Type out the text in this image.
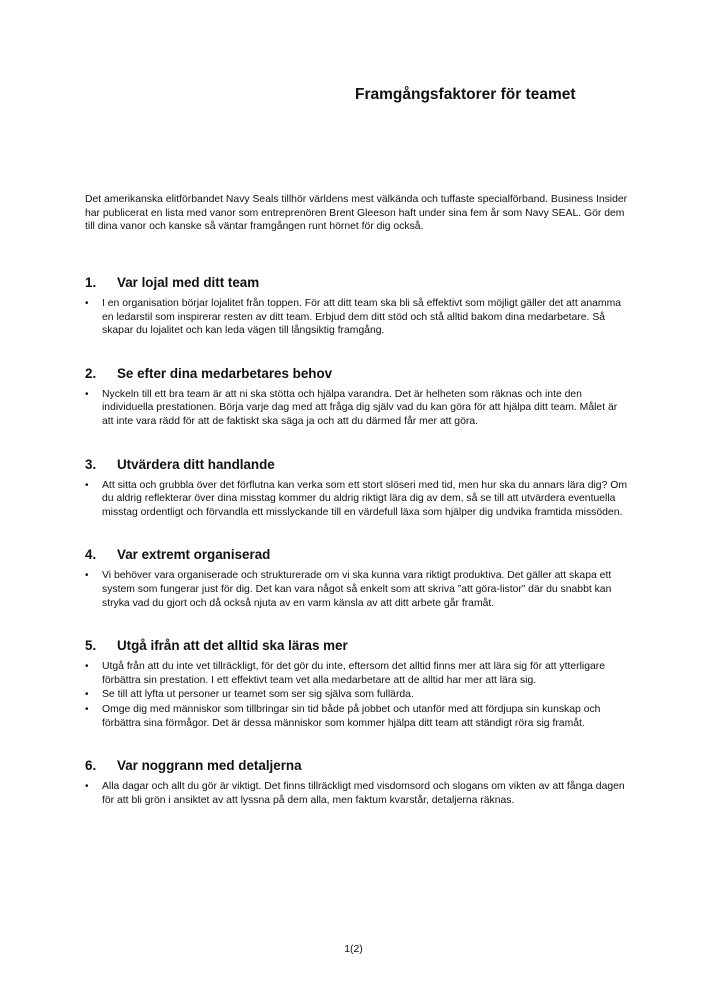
Framgångsfaktorer för teamet

Det amerikanska elitförbandet Navy Seals tillhör världens mest välkända och tuffaste specialförband. Business Insider har publicerat en lista med vanor som entreprenören Brent Gleeson haft under sina fem år som Navy SEAL. Gör dem till dina vanor och kanske så väntar framgången runt hörnet för dig också.

1.	Var lojal med ditt team
• I en organisation börjar lojalitet från toppen. För att ditt team ska bli så effektivt som möjligt gäller det att anamma en ledarstil som inspirerar resten av ditt team. Erbjud dem ditt stöd och stå alltid bakom dina medarbetare. Så skapar du lojalitet och kan leda vägen till långsiktig framgång.
2.	Se efter dina medarbetares behov
• Nyckeln till ett bra team är att ni ska stötta och hjälpa varandra. Det är helheten som räknas och inte den individuella prestationen. Börja varje dag med att fråga dig själv vad du kan göra för att hjälpa ditt team. Målet är att inte vara rädd för att de faktiskt ska säga ja och att du därmed får mer att göra.
3.	Utvärdera ditt handlande
• Att sitta och grubbla över det förflutna kan verka som ett stort slöseri med tid, men hur ska du annars lära dig? Om du aldrig reflekterar över dina misstag kommer du aldrig riktigt lära dig av dem, så se till att utvärdera eventuella misstag ordentligt och förvandla ett misslyckande till en värdefull läxa som hjälper dig undvika framtida missöden.
4.	Var extremt organiserad
• Vi behöver vara organiserade och strukturerade om vi ska kunna vara riktigt produktiva. Det gäller att skapa ett system som fungerar just för dig. Det kan vara något så enkelt som att skriva ”att göra-listor” där du snabbt kan stryka vad du gjort och då också njuta av en varm känsla av att ditt arbete går framåt.
5.	Utgå ifrån att det alltid ska läras mer
• Utgå från att du inte vet tillräckligt, för det gör du inte, eftersom det alltid finns mer att lära sig för att ytterligare förbättra sin prestation. I ett effektivt team vet alla medarbetare att de alltid har mer att lära sig.
• Se till att lyfta ut personer ur teamet som ser sig själva som fullärda.
• Omge dig med människor som tillbringar sin tid både på jobbet och utanför med att fördjupa sin kunskap och förbättra sina förmågor. Det är dessa människor som kommer hjälpa ditt team att ständigt röra sig framåt.
6.	Var noggrann med detaljerna
• Alla dagar och allt du gör är viktigt. Det finns tillräckligt med visdomsord och slogans om vikten av att fånga dagen för att bli grön i ansiktet av att lyssna på dem alla, men faktum kvarstår, detaljerna räknas.

1(2)
